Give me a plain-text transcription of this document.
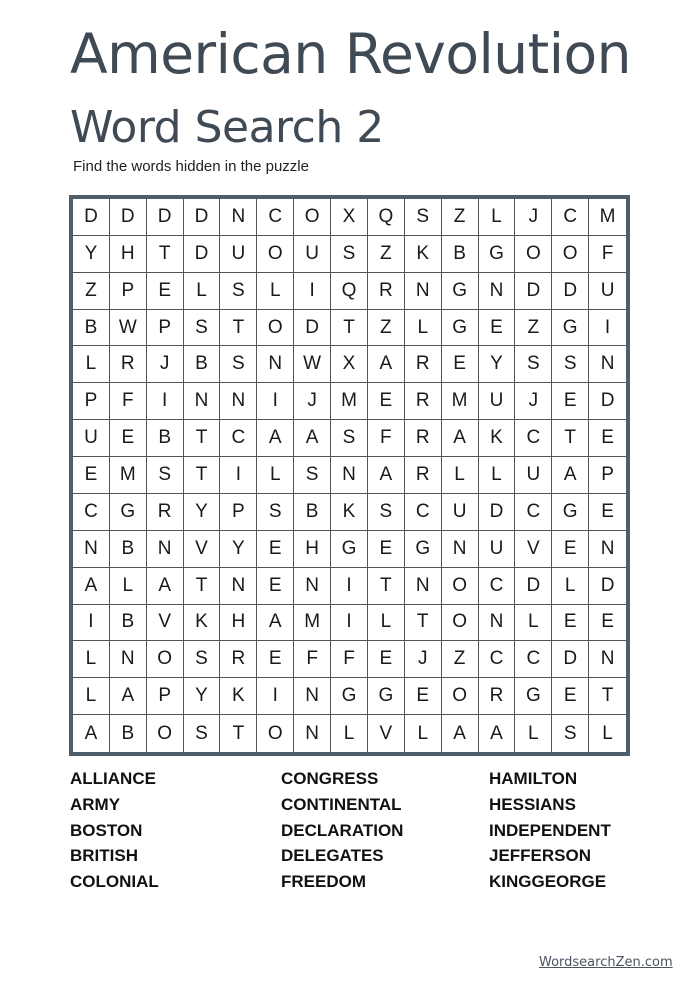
American Revolution
Word Search 2
Find the words hidden in the puzzle
D	D	D	D	N	C	O	X	Q	S	Z	L	J	C	M
Y	H	T	D	U	O	U	S	Z	K	B	G	O	O	F
Z	P	E	L	S	L	I	Q	R	N	G	N	D	D	U
B	W	P	S	T	O	D	T	Z	L	G	E	Z	G	I
L	R	J	B	S	N	W	X	A	R	E	Y	S	S	N
P	F	I	N	N	I	J	M	E	R	M	U	J	E	D
U	E	B	T	C	A	A	S	F	R	A	K	C	T	E
E	M	S	T	I	L	S	N	A	R	L	L	U	A	P
C	G	R	Y	P	S	B	K	S	C	U	D	C	G	E
N	B	N	V	Y	E	H	G	E	G	N	U	V	E	N
A	L	A	T	N	E	N	I	T	N	O	C	D	L	D
I	B	V	K	H	A	M	I	L	T	O	N	L	E	E
L	N	O	S	R	E	F	F	E	J	Z	C	C	D	N
L	A	P	Y	K	I	N	G	G	E	O	R	G	E	T
A	B	O	S	T	O	N	L	V	L	A	A	L	S	L
ALLIANCE
ARMY
BOSTON
BRITISH
COLONIAL
CONGRESS
CONTINENTAL
DECLARATION
DELEGATES
FREEDOM
HAMILTON
HESSIANS
INDEPENDENT
JEFFERSON
KINGGEORGE
WordsearchZen.com
